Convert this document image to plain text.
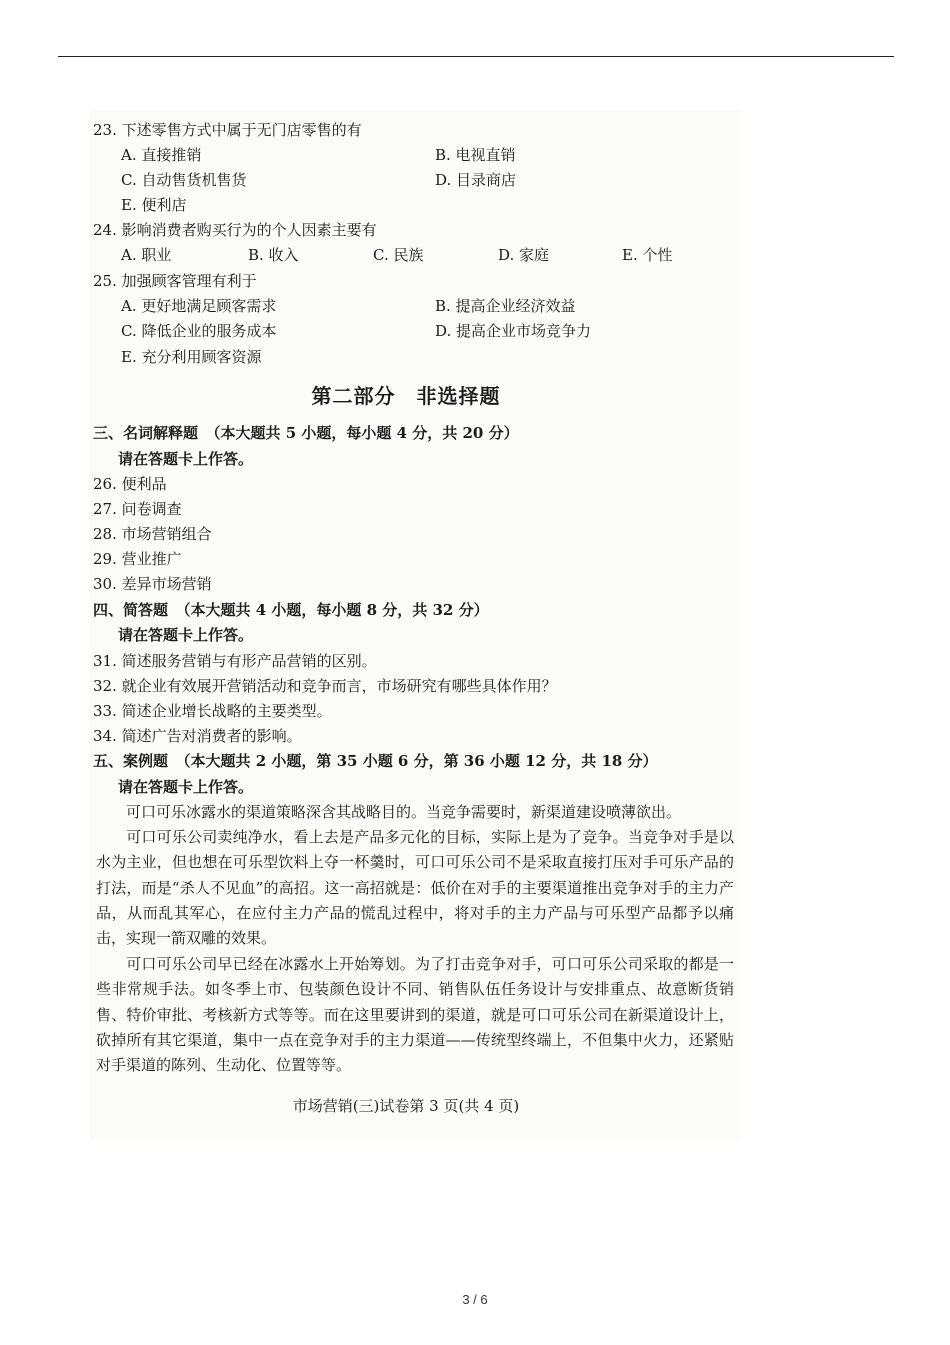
23. 下述零售方式中属于无门店零售的有
A. 直接推销	B. 电视直销
C. 自动售货机售货	D. 目录商店
E. 便利店
24. 影响消费者购买行为的个人因素主要有
A. 职业	B. 收入	C. 民族	D. 家庭	E. 个性
25. 加强顾客管理有利于
A. 更好地满足顾客需求	B. 提高企业经济效益
C. 降低企业的服务成本	D. 提高企业市场竞争力
E. 充分利用顾客资源
第二部分　非选择题
三、名词解释题　（本大题共 5 小题，每小题 4 分，共 20 分）
请在答题卡上作答。
26. 便利品
27. 问卷调查
28. 市场营销组合
29. 营业推广
30. 差异市场营销
四、简答题　（本大题共 4 小题，每小题 8 分，共 32 分）
请在答题卡上作答。
31. 简述服务营销与有形产品营销的区别。
32. 就企业有效展开营销活动和竞争而言，市场研究有哪些具体作用？
33. 简述企业增长战略的主要类型。
34. 简述广告对消费者的影响。
五、案例题　（本大题共 2 小题，第 35 小题 6 分，第 36 小题 12 分，共 18 分）
请在答题卡上作答。

可口可乐冰露水的渠道策略深含其战略目的。当竞争需要时，新渠道建设喷薄欲出。

可口可乐公司卖纯净水，看上去是产品多元化的目标，实际上是为了竞争。当竞争对手是以水为主业，但也想在可乐型饮料上夺一杯羹时，可口可乐公司不是采取直接打压对手可乐产品的打法，而是“杀人不见血”的高招。这一高招就是：低价在对手的主要渠道推出竞争对手的主力产品，从而乱其军心，在应付主力产品的慌乱过程中，将对手的主力产品与可乐型产品都予以痛击，实现一箭双雕的效果。

可口可乐公司早已经在冰露水上开始筹划。为了打击竞争对手，可口可乐公司采取的都是一些非常规手法。如冬季上市、包装颜色设计不同、销售队伍任务设计与安排重点、故意断货销售、特价审批、考核新方式等等。而在这里要讲到的渠道，就是可口可乐公司在新渠道设计上，砍掉所有其它渠道，集中一点在竞争对手的主力渠道——传统型终端上，不但集中火力，还紧贴对手渠道的陈列、生动化、位置等等。

市场营销(三)试卷第 3 页(共 4 页)
3 / 6
